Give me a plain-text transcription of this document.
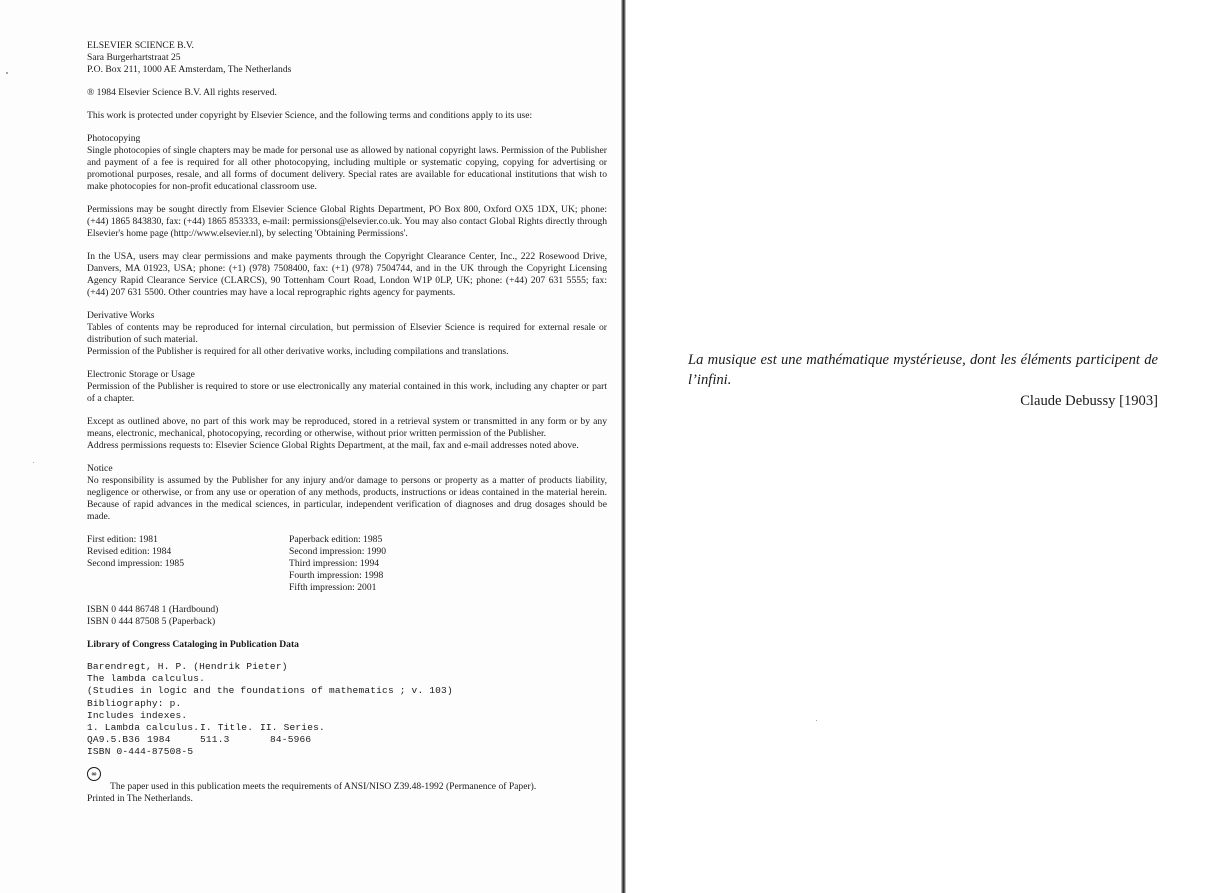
ELSEVIER SCIENCE B.V.

Sara Burgerhartstraat 25

P.O. Box 211, 1000 AE Amsterdam, The Netherlands

® 1984 Elsevier Science B.V. All rights reserved.

This work is protected under copyright by Elsevier Science, and the following terms and conditions apply to its use:

Photocopying

Single photocopies of single chapters may be made for personal use as allowed by national copyright laws. Permission of the Publisher and payment of a fee is required for all other photocopying, including multiple or systematic copying, copying for advertising or promotional purposes, resale, and all forms of document delivery. Special rates are available for educational institutions that wish to make photocopies for non-profit educational classroom use.

Permissions may be sought directly from Elsevier Science Global Rights Department, PO Box 800, Oxford OX5 1DX, UK; phone: (+44) 1865 843830, fax: (+44) 1865 853333, e-mail: permissions@elsevier.co.uk. You may also contact Global Rights directly through Elsevier's home page (http://www.elsevier.nl), by selecting 'Obtaining Permissions'.

In the USA, users may clear permissions and make payments through the Copyright Clearance Center, Inc., 222 Rosewood Drive, Danvers, MA 01923, USA; phone: (+1) (978) 7508400, fax: (+1) (978) 7504744, and in the UK through the Copyright Licensing Agency Rapid Clearance Service (CLARCS), 90 Tottenham Court Road, London W1P 0LP, UK; phone: (+44) 207 631 5555; fax: (+44) 207 631 5500. Other countries may have a local reprographic rights agency for payments.

Derivative Works

Tables of contents may be reproduced for internal circulation, but permission of Elsevier Science is required for external resale or distribution of such material.

Permission of the Publisher is required for all other derivative works, including compilations and translations.

Electronic Storage or Usage

Permission of the Publisher is required to store or use electronically any material contained in this work, including any chapter or part of a chapter.

Except as outlined above, no part of this work may be reproduced, stored in a retrieval system or transmitted in any form or by any means, electronic, mechanical, photocopying, recording or otherwise, without prior written permission of the Publisher.

Address permissions requests to: Elsevier Science Global Rights Department, at the mail, fax and e-mail addresses noted above.

Notice

No responsibility is assumed by the Publisher for any injury and/or damage to persons or property as a matter of products liability, negligence or otherwise, or from any use or operation of any methods, products, instructions or ideas contained in the material herein. Because of rapid advances in the medical sciences, in particular, independent verification of diagnoses and drug dosages should be made.

First edition: 1981
Revised edition: 1984
Second impression: 1985
Paperback edition: 1985
Second impression: 1990
Third impression: 1994
Fourth impression: 1998
Fifth impression: 2001

ISBN 0 444 86748 1 (Hardbound)

ISBN 0 444 87508 5 (Paperback)

Library of Congress Cataloging in Publication Data

Barendregt, H. P. (Hendrik Pieter)
The lambda calculus.
(Studies in logic and the foundations of mathematics ; v. 103)
Bibliography: p.
Includes indexes.
1. Lambda calculus. I. Title. II. Series.
QA9.5.B36 1984	511.3	84-5966
ISBN 0-444-87508-5
∞

The paper used in this publication meets the requirements of ANSI/NISO Z39.48-1992 (Permanence of Paper).

Printed in The Netherlands.

La musique est une mathématique mystérieuse, dont les éléments participent de l’infini.

Claude Debussy [1903]
